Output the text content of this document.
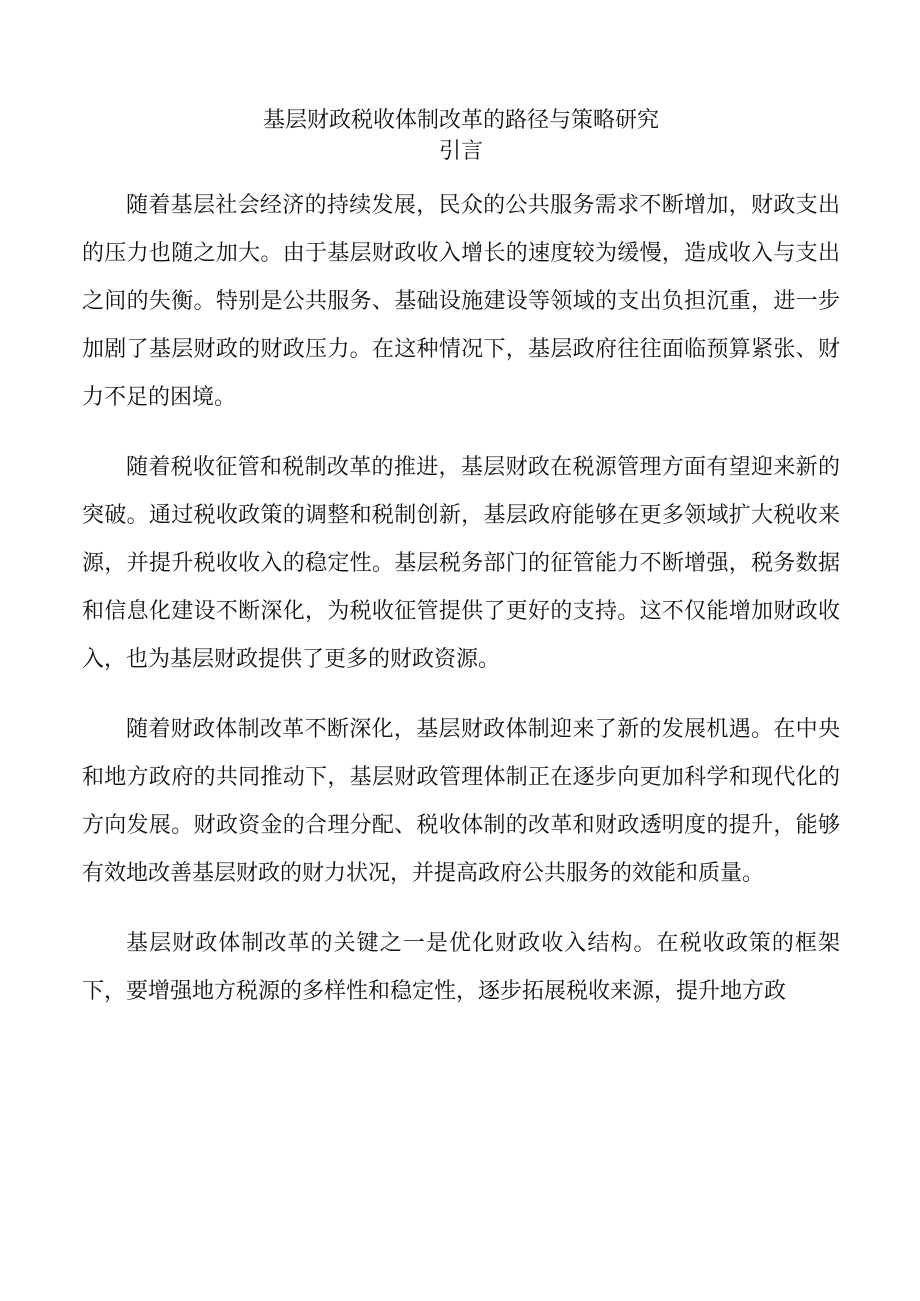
基层财政税收体制改革的路径与策略研究
引言

随着基层社会经济的持续发展，民众的公共服务需求不断增加，财政支出的压力也随之加大。由于基层财政收入增长的速度较为缓慢，造成收入与支出之间的失衡。特别是公共服务、基础设施建设等领域的支出负担沉重，进一步加剧了基层财政的财政压力。在这种情况下，基层政府往往面临预算紧张、财力不足的困境。

随着税收征管和税制改革的推进，基层财政在税源管理方面有望迎来新的突破。通过税收政策的调整和税制创新，基层政府能够在更多领域扩大税收来源，并提升税收收入的稳定性。基层税务部门的征管能力不断增强，税务数据和信息化建设不断深化，为税收征管提供了更好的支持。这不仅能增加财政收入，也为基层财政提供了更多的财政资源。

随着财政体制改革不断深化，基层财政体制迎来了新的发展机遇。在中央和地方政府的共同推动下，基层财政管理体制正在逐步向更加科学和现代化的方向发展。财政资金的合理分配、税收体制的改革和财政透明度的提升，能够有效地改善基层财政的财力状况，并提高政府公共服务的效能和质量。

基层财政体制改革的关键之一是优化财政收入结构。在税收政策的框架下，要增强地方税源的多样性和稳定性，逐步拓展税收来源，提升地方政
